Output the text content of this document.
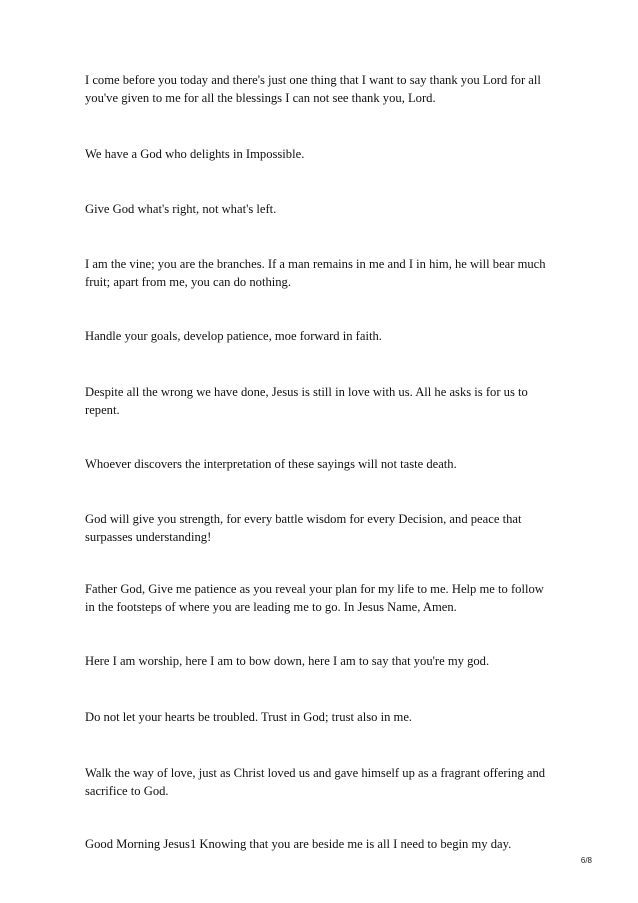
I come before you today and there's just one thing that I want to say thank you Lord for all you've given to me for all the blessings I can not see thank you, Lord.

We have a God who delights in Impossible.

Give God what's right, not what's left.

I am the vine; you are the branches. If a man remains in me and I in him, he will bear much fruit; apart from me, you can do nothing.

Handle your goals, develop patience, moe forward in faith.

Despite all the wrong we have done, Jesus is still in love with us. All he asks is for us to repent.

Whoever discovers the interpretation of these sayings will not taste death.

God will give you strength, for every battle wisdom for every Decision, and peace that surpasses understanding!

Father God, Give me patience as you reveal your plan for my life to me. Help me to follow in the footsteps of where you are leading me to go. In Jesus Name, Amen.

Here I am worship, here I am to bow down, here I am to say that you're my god.

Do not let your hearts be troubled. Trust in God; trust also in me.

Walk the way of love, just as Christ loved us and gave himself up as a fragrant offering and sacrifice to God.

Good Morning Jesus1 Knowing that you are beside me is all I need to begin my day.

6/8
